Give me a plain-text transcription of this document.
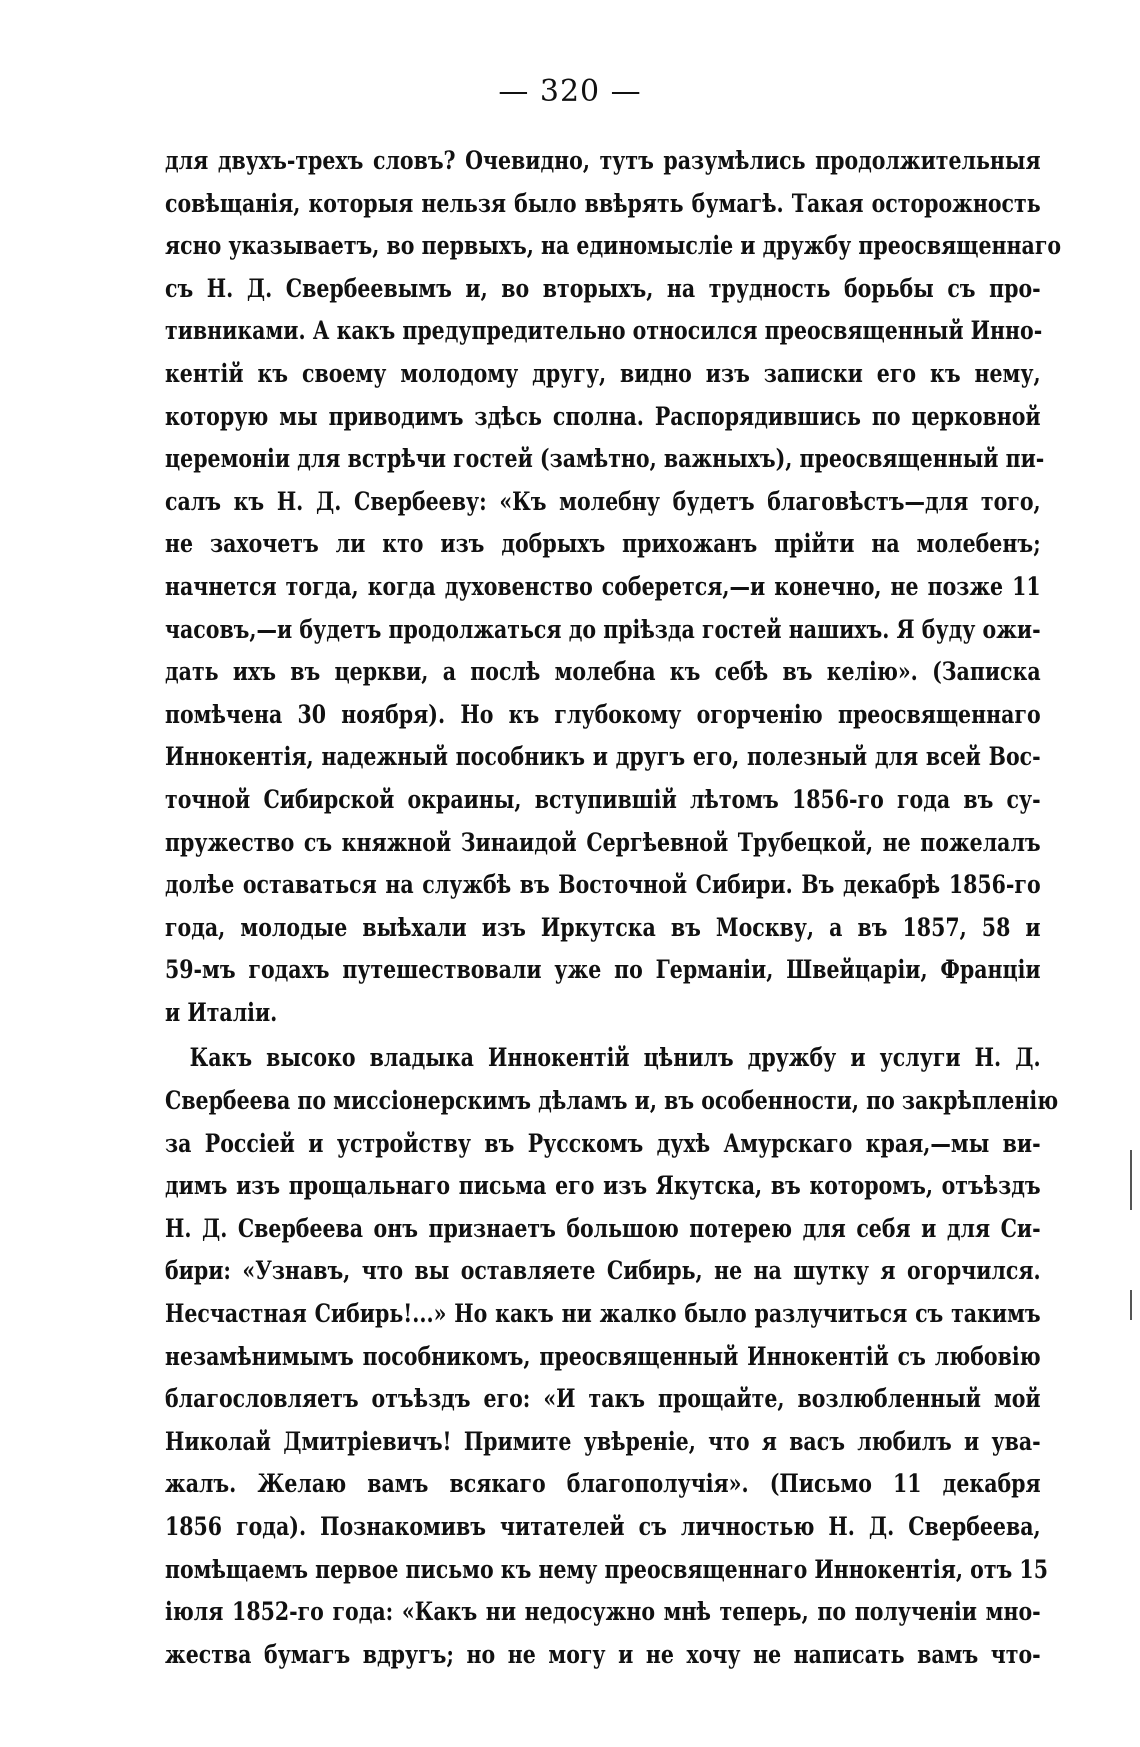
— 320 —
для двухъ-трехъ словъ? Очевидно, тутъ разумѣлись продолжительныя
совѣщанія, которыя нельзя было ввѣрять бумагѣ. Такая осторожность
ясно указываетъ, во первыхъ, на единомысліе и дружбу преосвященнаго
съ Н. Д. Свербеевымъ и, во вторыхъ, на трудность борьбы съ про-
тивниками. А какъ предупредительно относился преосвященный Инно-
кентій къ своему молодому другу, видно изъ записки его къ нему,
которую мы приводимъ здѣсь сполна. Распорядившись по церковной
церемоніи для встрѣчи гостей (замѣтно, важныхъ), преосвященный пи-
салъ къ Н. Д. Свербееву: «Къ молебну будетъ благовѣстъ—для того,
не захочетъ ли кто изъ добрыхъ прихожанъ прійти на молебенъ;
начнется тогда, когда духовенство соберется,—и конечно, не позже 11
часовъ,—и будетъ продолжаться до пріѣзда гостей нашихъ. Я буду ожи-
дать ихъ въ церкви, а послѣ молебна къ себѣ въ келію». (Записка
помѣчена 30 ноября). Но къ глубокому огорченію преосвященнаго
Иннокентія, надежный пособникъ и другъ его, полезный для всей Вос-
точной Сибирской окраины, вступившій лѣтомъ 1856-го года въ су-
пружество съ княжной Зинаидой Сергѣевной Трубецкой, не пожелалъ
долѣе оставаться на службѣ въ Восточной Сибири. Въ декабрѣ 1856-го
года, молодые выѣхали изъ Иркутска въ Москву, а въ 1857, 58 и
59-мъ годахъ путешествовали уже по Германіи, Швейцаріи, Франціи
и Италіи.
Какъ высоко владыка Иннокентій цѣнилъ дружбу и услуги Н. Д.
Свербеева по миссіонерскимъ дѣламъ и, въ особенности, по закрѣпленію
за Россіей и устройству въ Русскомъ духѣ Амурскаго края,—мы ви-
димъ изъ прощальнаго письма его изъ Якутска, въ которомъ, отъѣздъ
Н. Д. Свербеева онъ признаетъ большою потерею для себя и для Си-
бири: «Узнавъ, что вы оставляете Сибирь, не на шутку я огорчился.
Несчастная Сибирь!...» Но какъ ни жалко было разлучиться съ такимъ
незамѣнимымъ пособникомъ, преосвященный Иннокентій съ любовію
благословляетъ отъѣздъ его: «И такъ прощайте, возлюбленный мой
Николай Дмитріевичъ! Примите увѣреніе, что я васъ любилъ и ува-
жалъ. Желаю вамъ всякаго благополучія». (Письмо 11 декабря
1856 года). Познакомивъ читателей съ личностью Н. Д. Свербеева,
помѣщаемъ первое письмо къ нему преосвященнаго Иннокентія, отъ 15
іюля 1852-го года: «Какъ ни недосужно мнѣ теперь, по полученіи мно-
жества бумагъ вдругъ; но не могу и не хочу не написать вамъ что-
